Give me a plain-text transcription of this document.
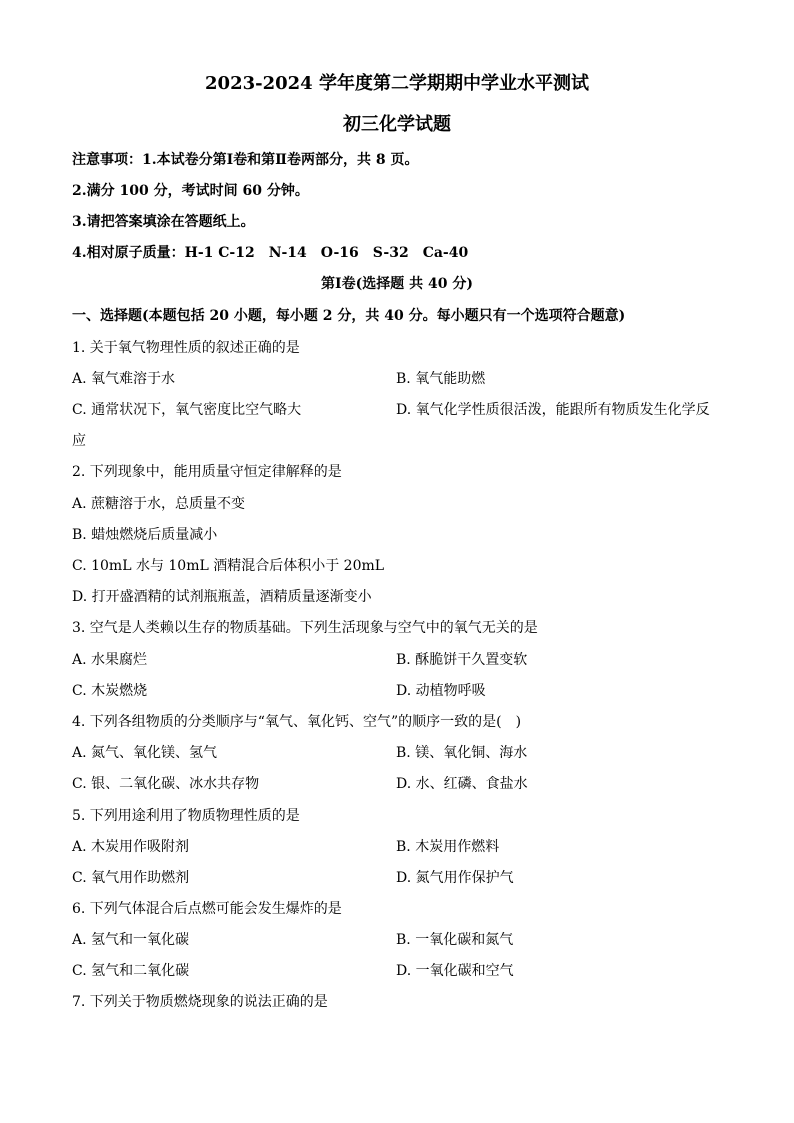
2023-2024 学年度第二学期期中学业水平测试
初三化学试题
注意事项：1.本试卷分第Ⅰ卷和第Ⅱ卷两部分，共 8 页。
2.满分 100 分，考试时间 60 分钟。
3.请把答案填涂在答题纸上。
4.相对原子质量：H-1 C-12　N-14　O-16　S-32　Ca-40
第Ⅰ卷(选择题 共 40 分)
一、选择题(本题包括 20 小题，每小题 2 分，共 40 分。每小题只有一个选项符合题意)
1. 关于氧气物理性质的叙述正确的是
A. 氧气难溶于水	B. 氧气能助燃
C. 通常状况下，氧气密度比空气略大	D. 氧气化学性质很活泼，能跟所有物质发生化学反
应
2. 下列现象中，能用质量守恒定律解释的是
A. 蔗糖溶于水，总质量不变
B. 蜡烛燃烧后质量减小
C. 10mL 水与 10mL 酒精混合后体积小于 20mL
D. 打开盛酒精的试剂瓶瓶盖，酒精质量逐渐变小
3. 空气是人类赖以生存的物质基础。下列生活现象与空气中的氧气无关的是
A. 水果腐烂	B. 酥脆饼干久置变软
C. 木炭燃烧	D. 动植物呼吸
4. 下列各组物质的分类顺序与“氧气、氧化钙、空气”的顺序一致的是(　)
A. 氮气、氧化镁、氢气	B. 镁、氧化铜、海水
C. 银、二氧化碳、冰水共存物	D. 水、红磷、食盐水
5. 下列用途利用了物质物理性质的是
A. 木炭用作吸附剂	B. 木炭用作燃料
C. 氧气用作助燃剂	D. 氮气用作保护气
6. 下列气体混合后点燃可能会发生爆炸的是
A. 氢气和一氧化碳	B. 一氧化碳和氮气
C. 氢气和二氧化碳	D. 一氧化碳和空气
7. 下列关于物质燃烧现象的说法正确的是
